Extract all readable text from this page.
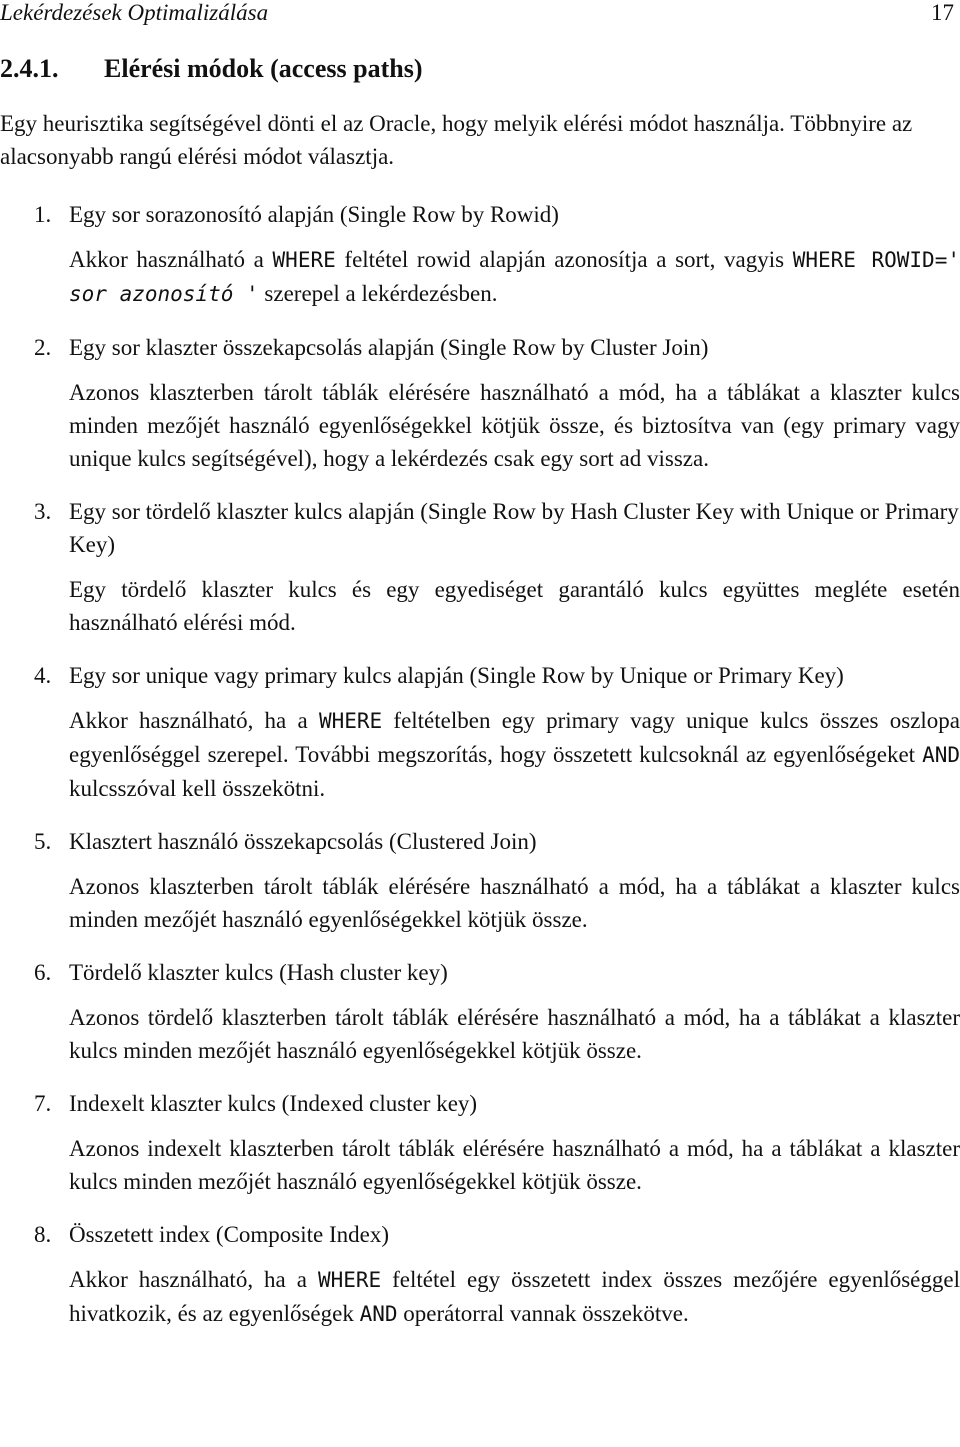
Lekérdezések Optimalizálása	17
2.4.1. Elérési módok (access paths)
Egy heurisztika segítségével dönti el az Oracle, hogy melyik elérési módot használja. Többnyire az alacsonyabb rangú elérési módot választja.
1. Egy sor sorazonosító alapján (Single Row by Rowid)
Akkor használható a WHERE feltétel rowid alapján azonosítja a sort, vagyis WHERE ROWID=' sor azonosító ' szerepel a lekérdezésben.
2. Egy sor klaszter összekapcsolás alapján (Single Row by Cluster Join)
Azonos klaszterben tárolt táblák elérésére használható a mód, ha a táblákat a klaszter kulcs minden mezőjét használó egyenlőségekkel kötjük össze, és biztosítva van (egy primary vagy unique kulcs segítségével), hogy a lekérdezés csak egy sort ad vissza.
3. Egy sor tördelő klaszter kulcs alapján (Single Row by Hash Cluster Key with Unique or Primary Key)
Egy tördelő klaszter kulcs és egy egyediséget garantáló kulcs együttes megléte esetén használható elérési mód.
4. Egy sor unique vagy primary kulcs alapján (Single Row by Unique or Primary Key)
Akkor használható, ha a WHERE feltételben egy primary vagy unique kulcs összes oszlopa egyenlőséggel szerepel. További megszorítás, hogy összetett kulcsoknál az egyenlőségeket AND kulcsszóval kell összekötni.
5. Klasztert használó összekapcsolás (Clustered Join)
Azonos klaszterben tárolt táblák elérésére használható a mód, ha a táblákat a klaszter kulcs minden mezőjét használó egyenlőségekkel kötjük össze.
6. Tördelő klaszter kulcs (Hash cluster key)
Azonos tördelő klaszterben tárolt táblák elérésére használható a mód, ha a táblákat a klaszter kulcs minden mezőjét használó egyenlőségekkel kötjük össze.
7. Indexelt klaszter kulcs (Indexed cluster key)
Azonos indexelt klaszterben tárolt táblák elérésére használható a mód, ha a táblákat a klaszter kulcs minden mezőjét használó egyenlőségekkel kötjük össze.
8. Összetett index (Composite Index)
Akkor használható, ha a WHERE feltétel egy összetett index összes mezőjére egyenlőséggel hivatkozik, és az egyenlőségek AND operátorral vannak összekötve.
